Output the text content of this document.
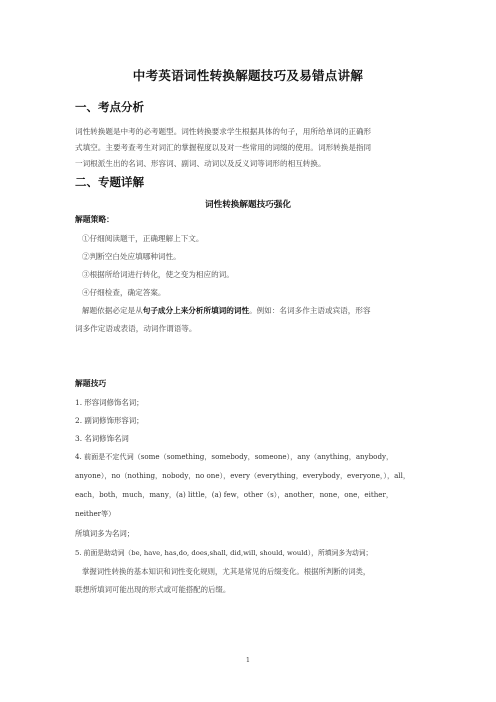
中考英语词性转换解题技巧及易错点讲解
一、考点分析
词性转换题是中考的必考题型。词性转换要求学生根据具体的句子，用所给单词的正确形
式填空。主要考查考生对词汇的掌握程度以及对一些常用的词缀的使用。词形转换是指同
一词根派生出的名词、形容词、副词、动词以及反义词等词形的相互转换。
二、专题详解
词性转换解题技巧强化
解题策略：
①仔细阅读题干，正确理解上下文。
②判断空白处应填哪种词性。
③根据所给词进行转化，使之变为相应的词。
④仔细检查，确定答案。
解题依据必定是从句子成分上来分析所填词的词性。例如：名词多作主语或宾语，形容
词多作定语或表语，动词作谓语等。
解题技巧
1. 形容词修饰名词；
2. 副词修饰形容词；
3. 名词修饰名词
4. 前面是不定代词（some（something，somebody，someone），any（anything，anybody，
anyone），no（nothing，nobody，no one），every（everything，everybody，everyone，），all，
each，both，much，many，(a) little，(a) few，other（s），another，none，one，either，
neither等）
所填词多为名词；
5. 前面是助动词（be, have, has,do, does,shall, did,will, should, would），所填词多为动词；
掌握词性转换的基本知识和词性变化规则，尤其是常见的后缀变化。根据所判断的词类，
联想所填词可能出现的形式或可能搭配的后缀。
1
